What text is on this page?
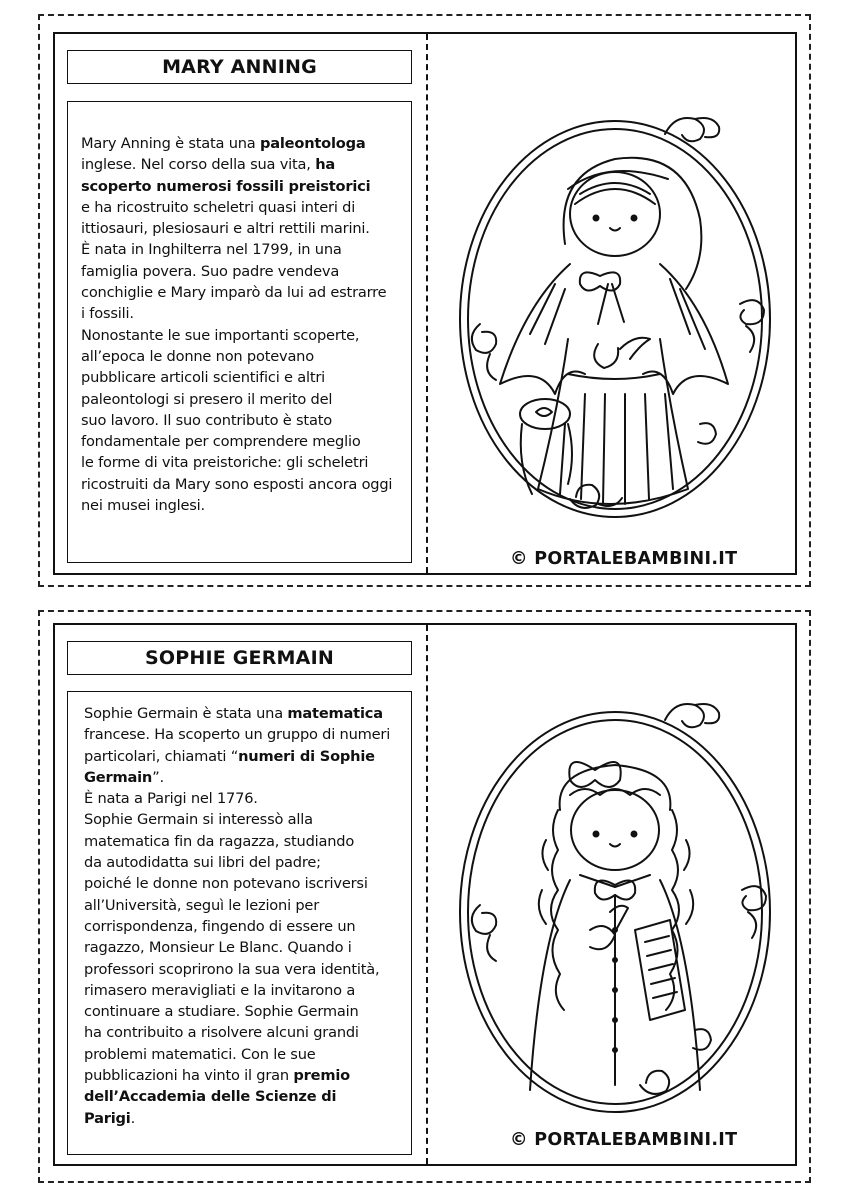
MARY ANNING
Mary Anning è stata una paleontologa
inglese. Nel corso della sua vita, ha
scoperto numerosi fossili preistorici
e ha ricostruito scheletri quasi interi di
ittiosauri, plesiosauri e altri rettili marini.
È nata in Inghilterra nel 1799, in una
famiglia povera. Suo padre vendeva
conchiglie e Mary imparò da lui ad estrarre
i fossili.
Nonostante le sue importanti scoperte,
all’epoca le donne non potevano
pubblicare articoli scientifici e altri
paleontologi si presero il merito del
suo lavoro. Il suo contributo è stato
fondamentale per comprendere meglio
le forme di vita preistoriche: gli scheletri
ricostruiti da Mary sono esposti ancora oggi
nei musei inglesi.
© PORTALEBAMBINI.IT
SOPHIE GERMAIN
Sophie Germain è stata una matematica
francese. Ha scoperto un gruppo di numeri
particolari, chiamati “numeri di Sophie
Germain”.
È nata a Parigi nel 1776.
Sophie Germain si interessò alla
matematica fin da ragazza, studiando
da autodidatta sui libri del padre;
poiché le donne non potevano iscriversi
all’Università, seguì le lezioni per
corrispondenza, fingendo di essere un
ragazzo, Monsieur Le Blanc. Quando i
professori scoprirono la sua vera identità,
rimasero meravigliati e la invitarono a
continuare a studiare. Sophie Germain
ha contribuito a risolvere alcuni grandi
problemi matematici. Con le sue
pubblicazioni ha vinto il gran premio
dell’Accademia delle Scienze di
Parigi.
© PORTALEBAMBINI.IT
